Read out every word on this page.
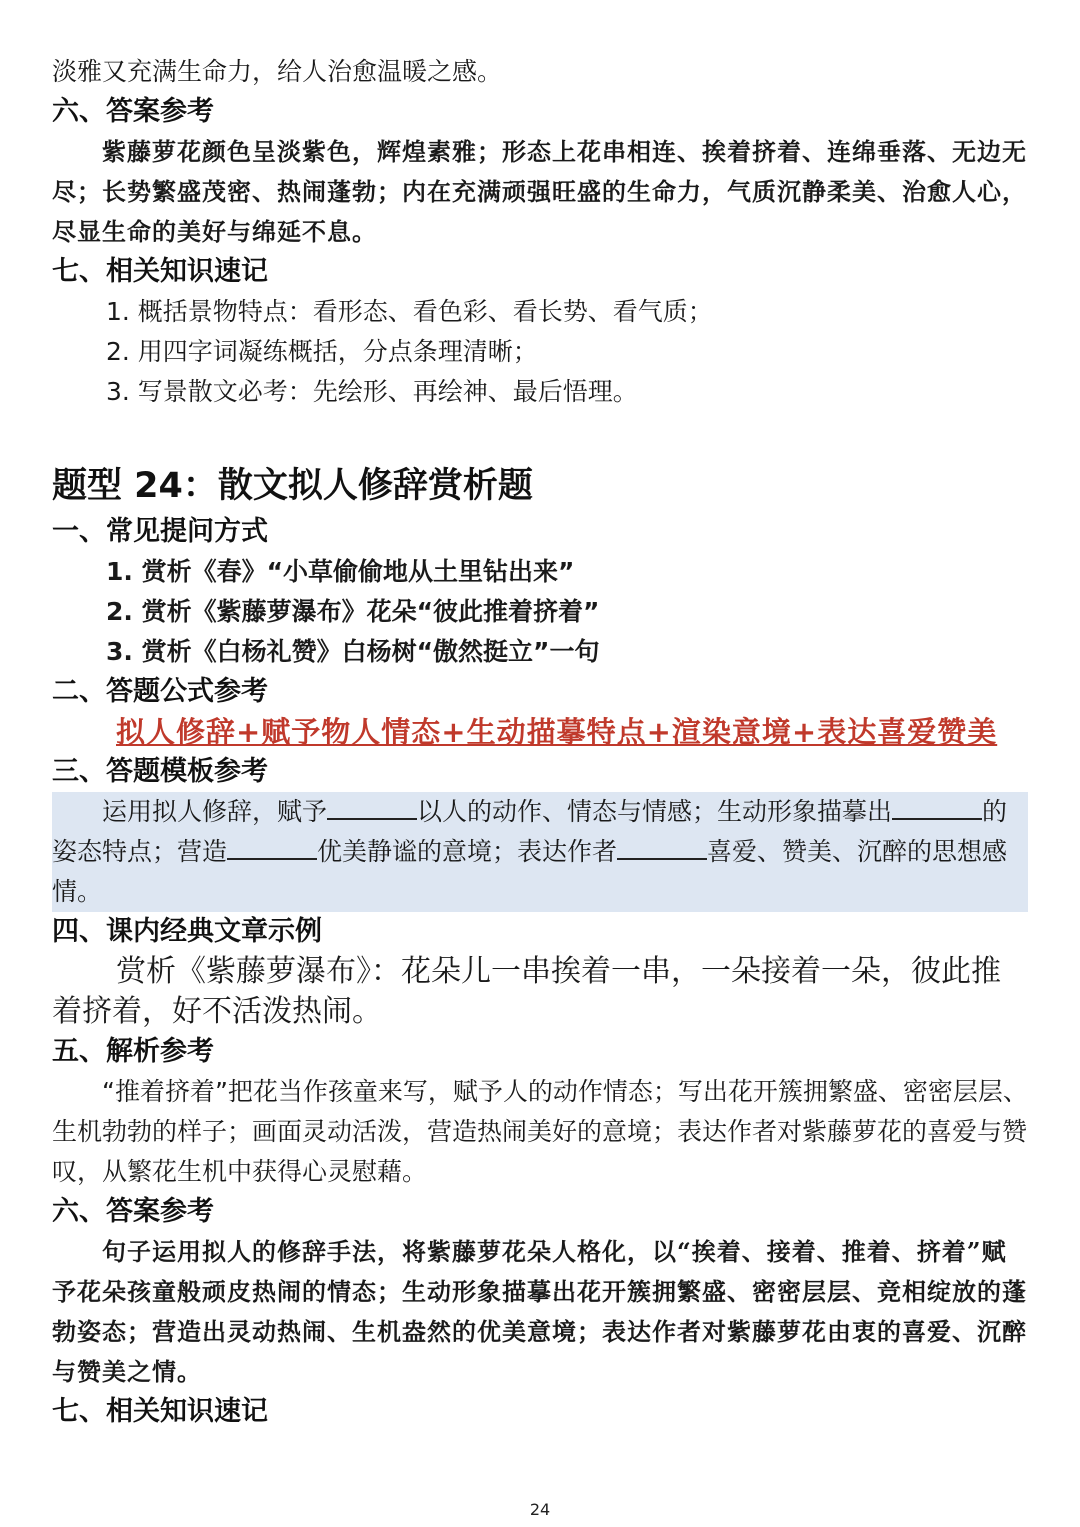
淡雅又充满生命力，给人治愈温暖之感。

六、答案参考

紫藤萝花颜色呈淡紫色，辉煌素雅；形态上花串相连、挨着挤着、连绵垂落、无边无尽；长势繁盛茂密、热闹蓬勃；内在充满顽强旺盛的生命力，气质沉静柔美、治愈人心，尽显生命的美好与绵延不息。

七、相关知识速记

1. 概括景物特点：看形态、看色彩、看长势、看气质；
2. 用四字词凝练概括，分点条理清晰；
3. 写景散文必考：先绘形、再绘神、最后悟理。
题型 24：散文拟人修辞赏析题

一、常见提问方式

1. 赏析《春》“小草偷偷地从土里钻出来”
2. 赏析《紫藤萝瀑布》花朵“彼此推着挤着”
3. 赏析《白杨礼赞》白杨树“傲然挺立”一句

二、答题公式参考

拟人修辞+赋予物人情态+生动描摹特点+渲染意境+表达喜爱赞美

三、答题模板参考

运用拟人修辞，赋予	以人的动作、情态与情感；生动形象描摹出	的姿态特点；营造	优美静谧的意境；表达作者	喜爱、赞美、沉醉的思想感情。

四、课内经典文章示例

赏析《紫藤萝瀑布》：花朵儿一串挨着一串，一朵接着一朵，彼此推着挤着，好不活泼热闹。

五、解析参考

“推着挤着”把花当作孩童来写，赋予人的动作情态；写出花开簇拥繁盛、密密层层、生机勃勃的样子；画面灵动活泼，营造热闹美好的意境；表达作者对紫藤萝花的喜爱与赞叹，从繁花生机中获得心灵慰藉。

六、答案参考

句子运用拟人的修辞手法，将紫藤萝花朵人格化，以“挨着、接着、推着、挤着”赋予花朵孩童般顽皮热闹的情态；生动形象描摹出花开簇拥繁盛、密密层层、竞相绽放的蓬勃姿态；营造出灵动热闹、生机盎然的优美意境；表达作者对紫藤萝花由衷的喜爱、沉醉与赞美之情。

七、相关知识速记

24
